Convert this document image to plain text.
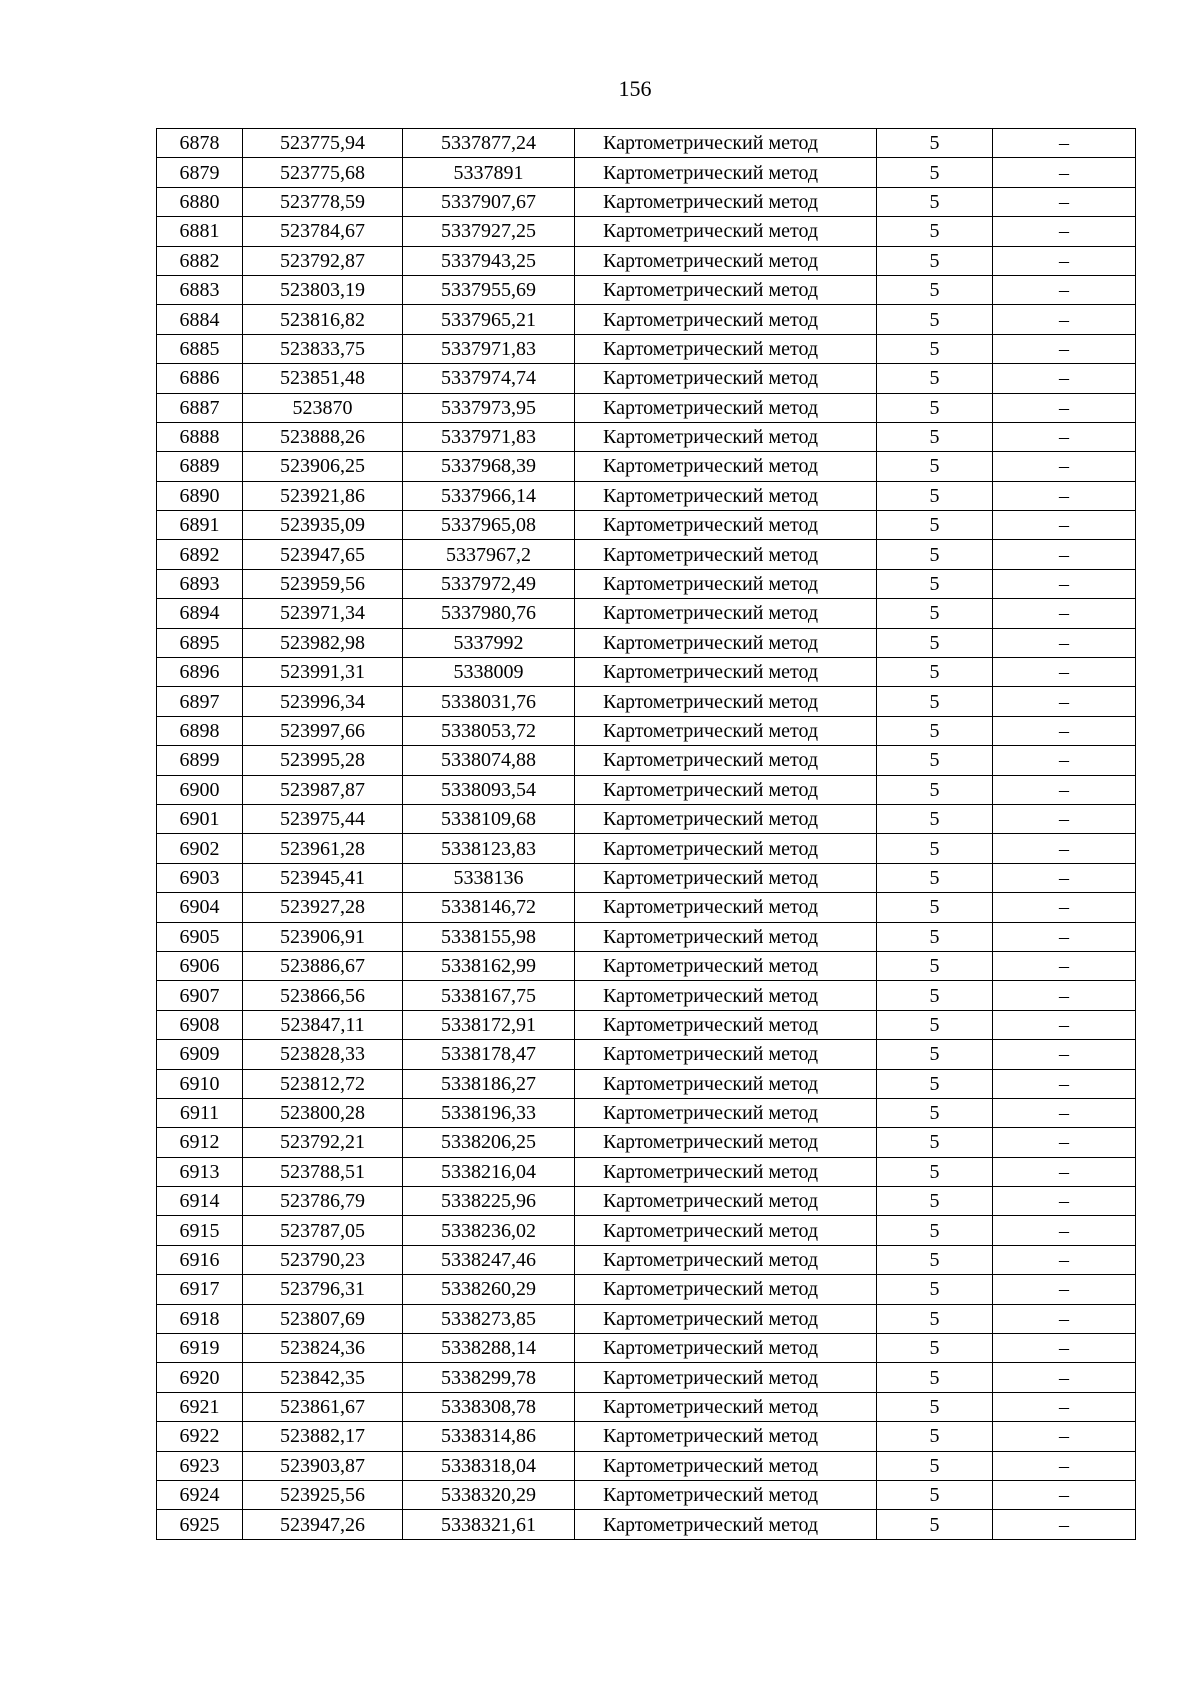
156
6878	523775,94	5337877,24	Картометрический метод	5	–
6879	523775,68	5337891	Картометрический метод	5	–
6880	523778,59	5337907,67	Картометрический метод	5	–
6881	523784,67	5337927,25	Картометрический метод	5	–
6882	523792,87	5337943,25	Картометрический метод	5	–
6883	523803,19	5337955,69	Картометрический метод	5	–
6884	523816,82	5337965,21	Картометрический метод	5	–
6885	523833,75	5337971,83	Картометрический метод	5	–
6886	523851,48	5337974,74	Картометрический метод	5	–
6887	523870	5337973,95	Картометрический метод	5	–
6888	523888,26	5337971,83	Картометрический метод	5	–
6889	523906,25	5337968,39	Картометрический метод	5	–
6890	523921,86	5337966,14	Картометрический метод	5	–
6891	523935,09	5337965,08	Картометрический метод	5	–
6892	523947,65	5337967,2	Картометрический метод	5	–
6893	523959,56	5337972,49	Картометрический метод	5	–
6894	523971,34	5337980,76	Картометрический метод	5	–
6895	523982,98	5337992	Картометрический метод	5	–
6896	523991,31	5338009	Картометрический метод	5	–
6897	523996,34	5338031,76	Картометрический метод	5	–
6898	523997,66	5338053,72	Картометрический метод	5	–
6899	523995,28	5338074,88	Картометрический метод	5	–
6900	523987,87	5338093,54	Картометрический метод	5	–
6901	523975,44	5338109,68	Картометрический метод	5	–
6902	523961,28	5338123,83	Картометрический метод	5	–
6903	523945,41	5338136	Картометрический метод	5	–
6904	523927,28	5338146,72	Картометрический метод	5	–
6905	523906,91	5338155,98	Картометрический метод	5	–
6906	523886,67	5338162,99	Картометрический метод	5	–
6907	523866,56	5338167,75	Картометрический метод	5	–
6908	523847,11	5338172,91	Картометрический метод	5	–
6909	523828,33	5338178,47	Картометрический метод	5	–
6910	523812,72	5338186,27	Картометрический метод	5	–
6911	523800,28	5338196,33	Картометрический метод	5	–
6912	523792,21	5338206,25	Картометрический метод	5	–
6913	523788,51	5338216,04	Картометрический метод	5	–
6914	523786,79	5338225,96	Картометрический метод	5	–
6915	523787,05	5338236,02	Картометрический метод	5	–
6916	523790,23	5338247,46	Картометрический метод	5	–
6917	523796,31	5338260,29	Картометрический метод	5	–
6918	523807,69	5338273,85	Картометрический метод	5	–
6919	523824,36	5338288,14	Картометрический метод	5	–
6920	523842,35	5338299,78	Картометрический метод	5	–
6921	523861,67	5338308,78	Картометрический метод	5	–
6922	523882,17	5338314,86	Картометрический метод	5	–
6923	523903,87	5338318,04	Картометрический метод	5	–
6924	523925,56	5338320,29	Картометрический метод	5	–
6925	523947,26	5338321,61	Картометрический метод	5	–
